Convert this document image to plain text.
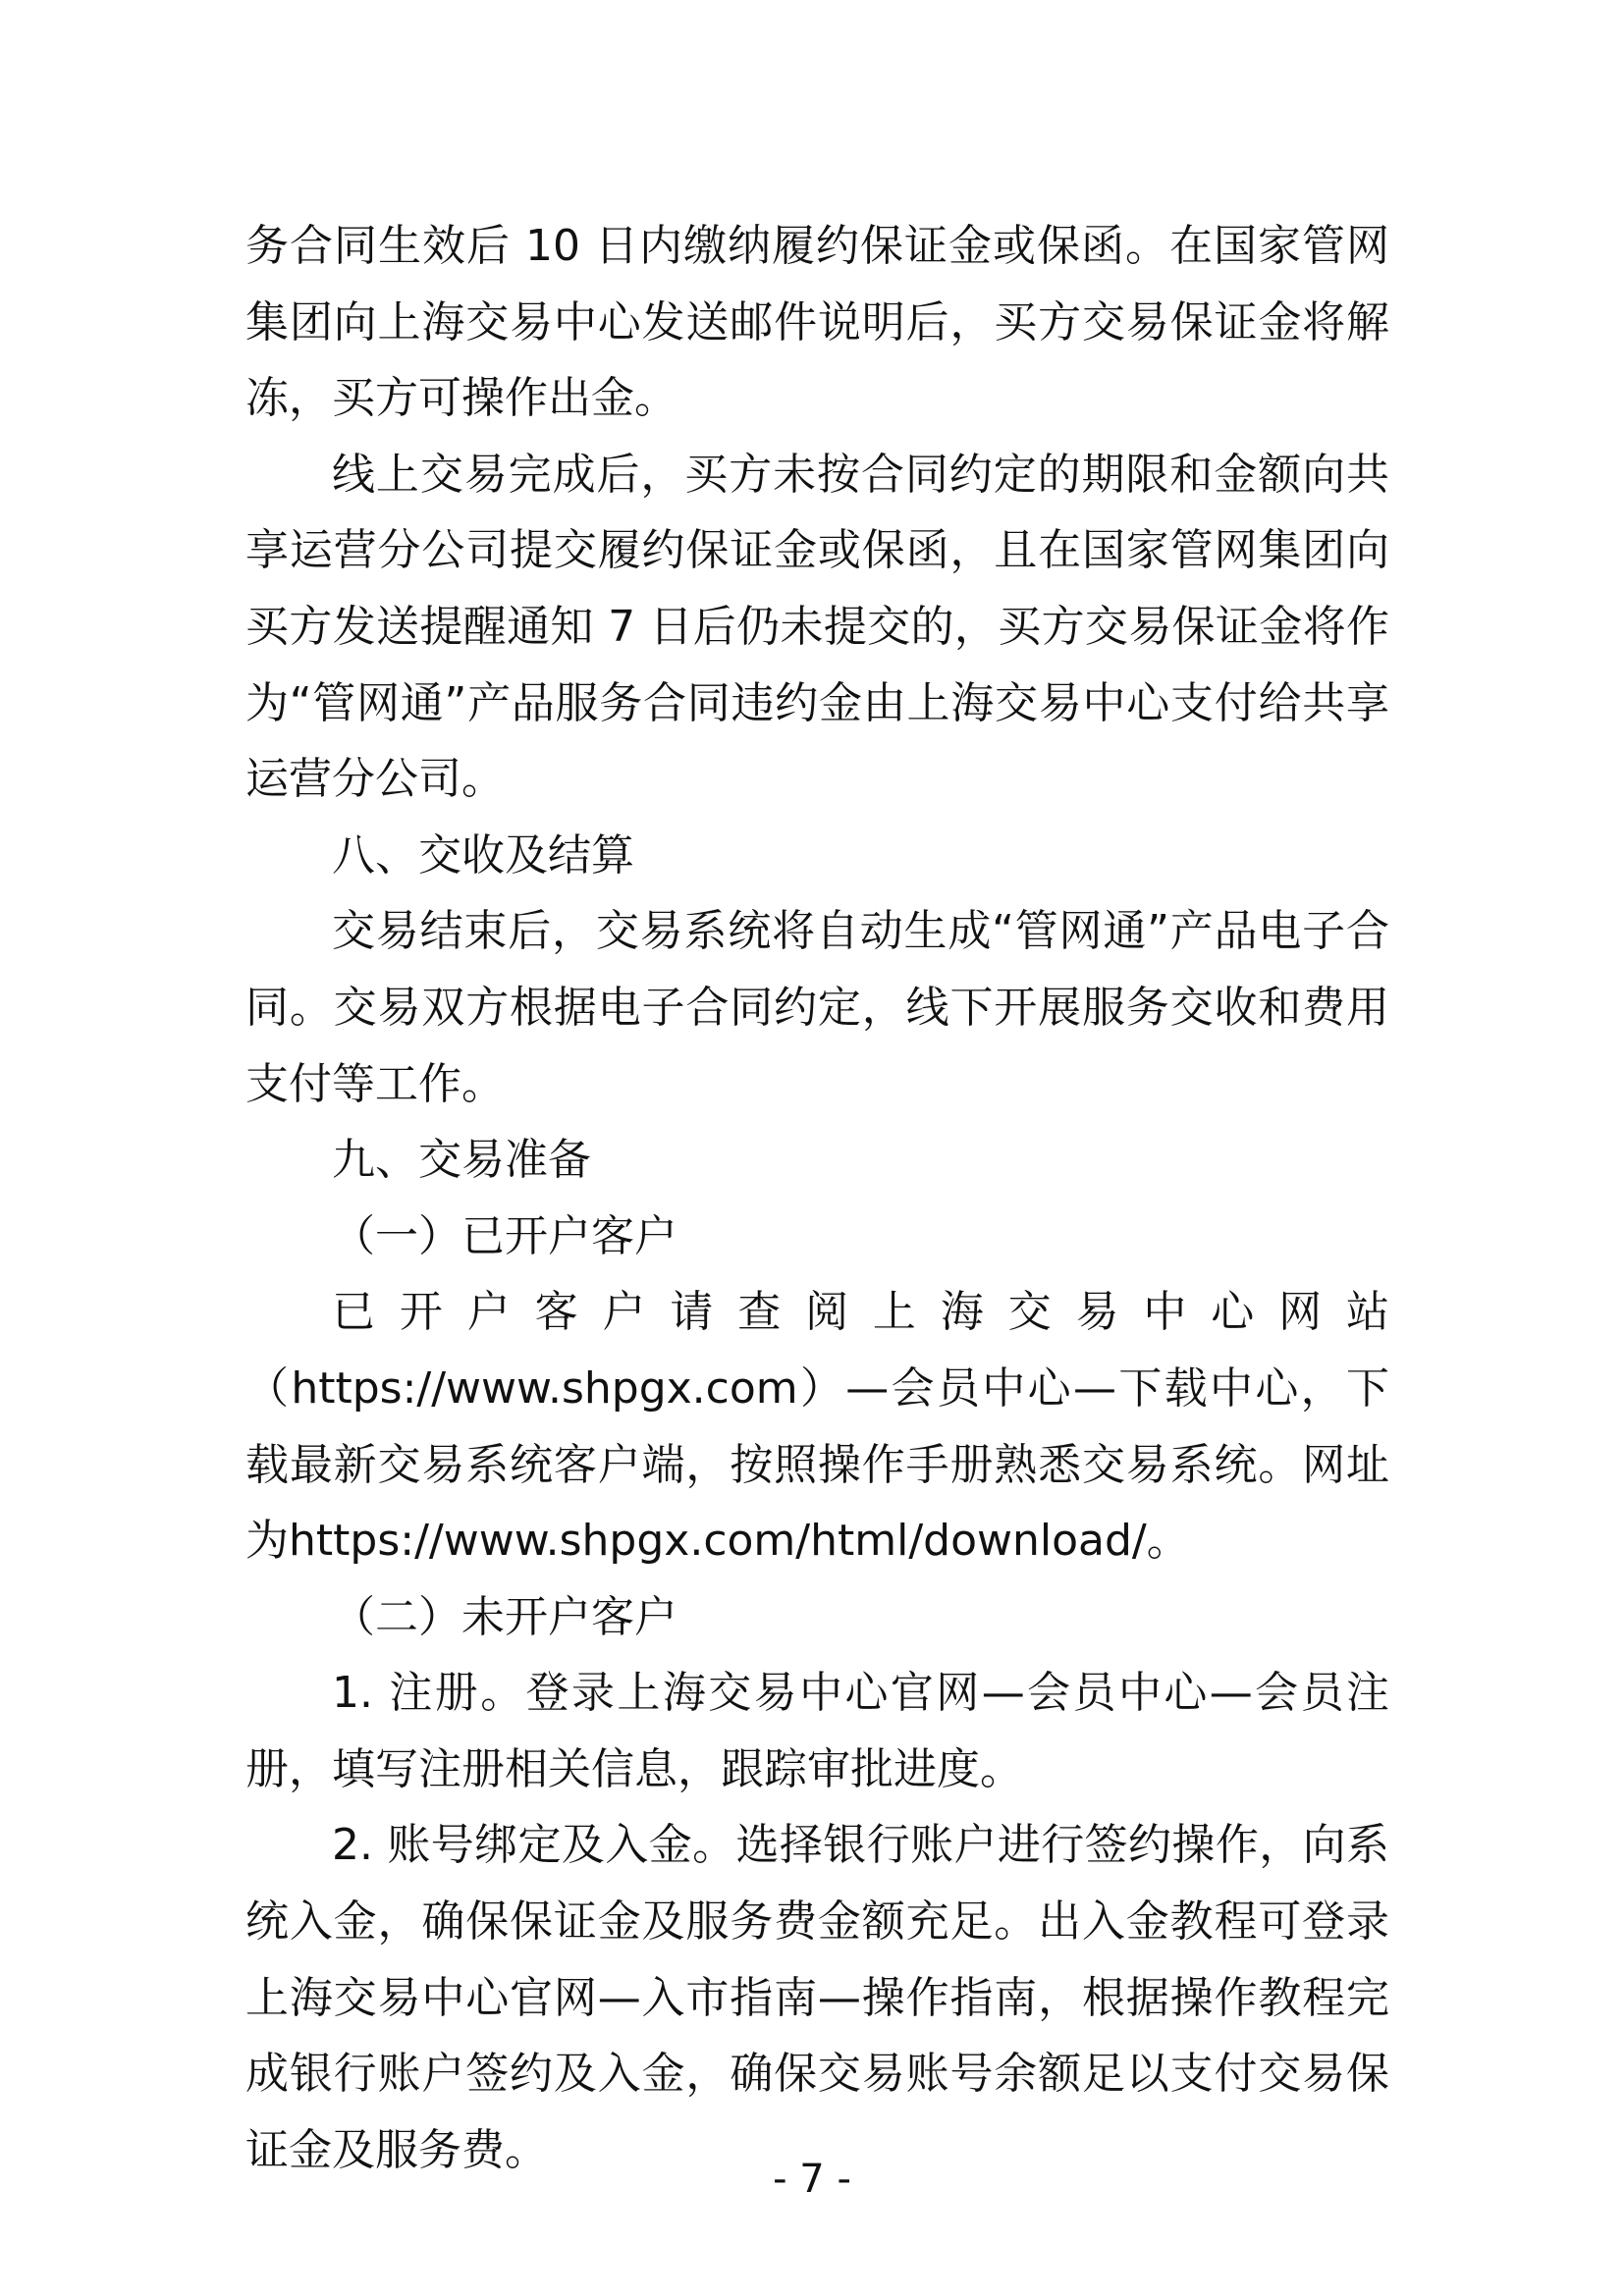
务合同生效后 10 日内缴纳履约保证金或保函。在国家管网集团向上海交易中心发送邮件说明后，买方交易保证金将解冻，买方可操作出金。

线上交易完成后，买方未按合同约定的期限和金额向共享运营分公司提交履约保证金或保函，且在国家管网集团向买方发送提醒通知 7 日后仍未提交的，买方交易保证金将作为“管网通”产品服务合同违约金由上海交易中心支付给共享运营分公司。

八、交收及结算

交易结束后，交易系统将自动生成“管网通”产品电子合同。交易双方根据电子合同约定，线下开展服务交收和费用支付等工作。

九、交易准备

（一）已开户客户

已开户客户请查阅上海交易中心网站

（https://www.shpgx.com）—会员中心—下载中心，下载最新交易系统客户端，按照操作手册熟悉交易系统。网址为https://www.shpgx.com/html/download/。

（二）未开户客户

1. 注册。登录上海交易中心官网—会员中心—会员注册，填写注册相关信息，跟踪审批进度。

2. 账号绑定及入金。选择银行账户进行签约操作，向系统入金，确保保证金及服务费金额充足。出入金教程可登录上海交易中心官网—入市指南—操作指南，根据操作教程完成银行账户签约及入金，确保交易账号余额足以支付交易保证金及服务费。

- 7 -
